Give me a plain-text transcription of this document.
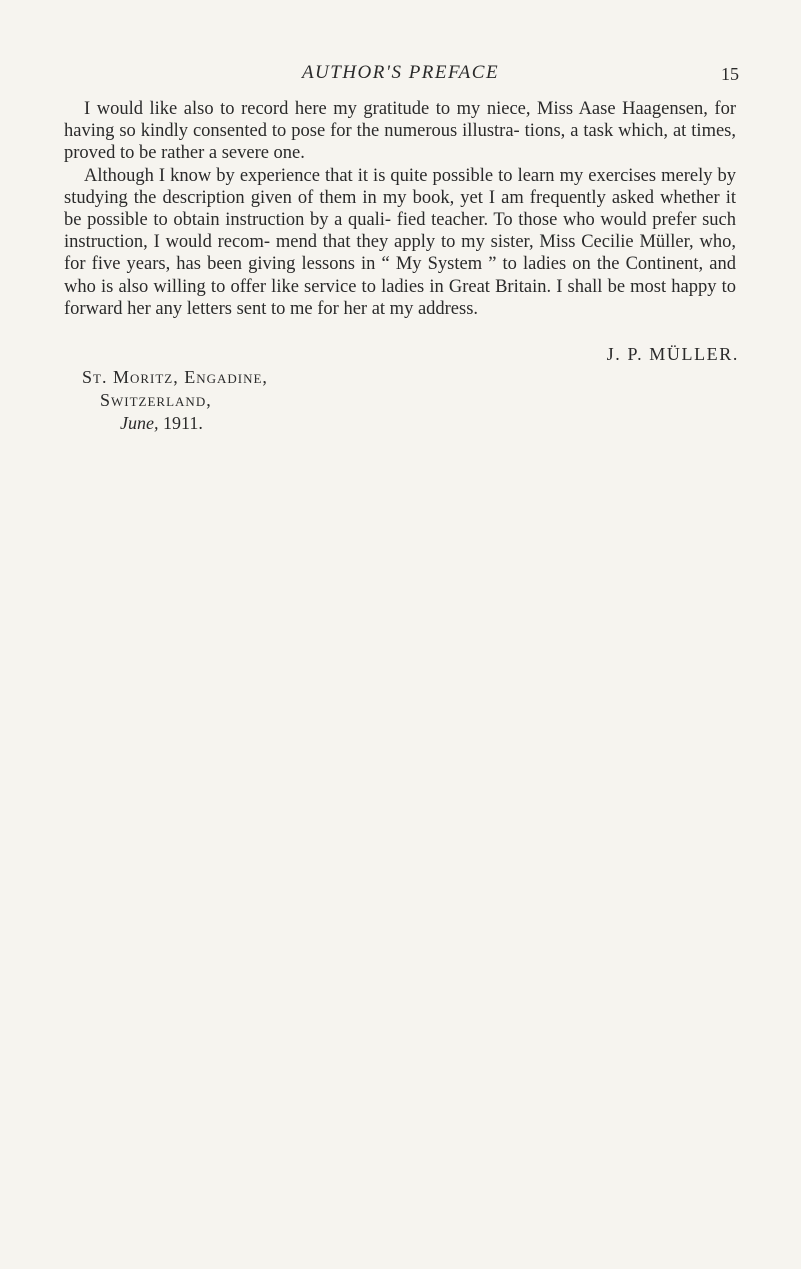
AUTHOR'S PREFACE	15

I would like also to record here my gratitude to my niece, Miss Aase Haagensen, for having so kindly consented to pose for the numerous illustra- tions, a task which, at times, proved to be rather a severe one.

Although I know by experience that it is quite possible to learn my exercises merely by studying the description given of them in my book, yet I am frequently asked whether it be possible to obtain instruction by a quali- fied teacher. To those who would prefer such instruction, I would recom- mend that they apply to my sister, Miss Cecilie Müller, who, for five years, has been giving lessons in “ My System ” to ladies on the Continent, and who is also willing to offer like service to ladies in Great Britain. I shall be most happy to forward her any letters sent to me for her at my address.

J. P. MÜLLER.
St. Moritz, Engadine,
Switzerland,
June, 1911.
